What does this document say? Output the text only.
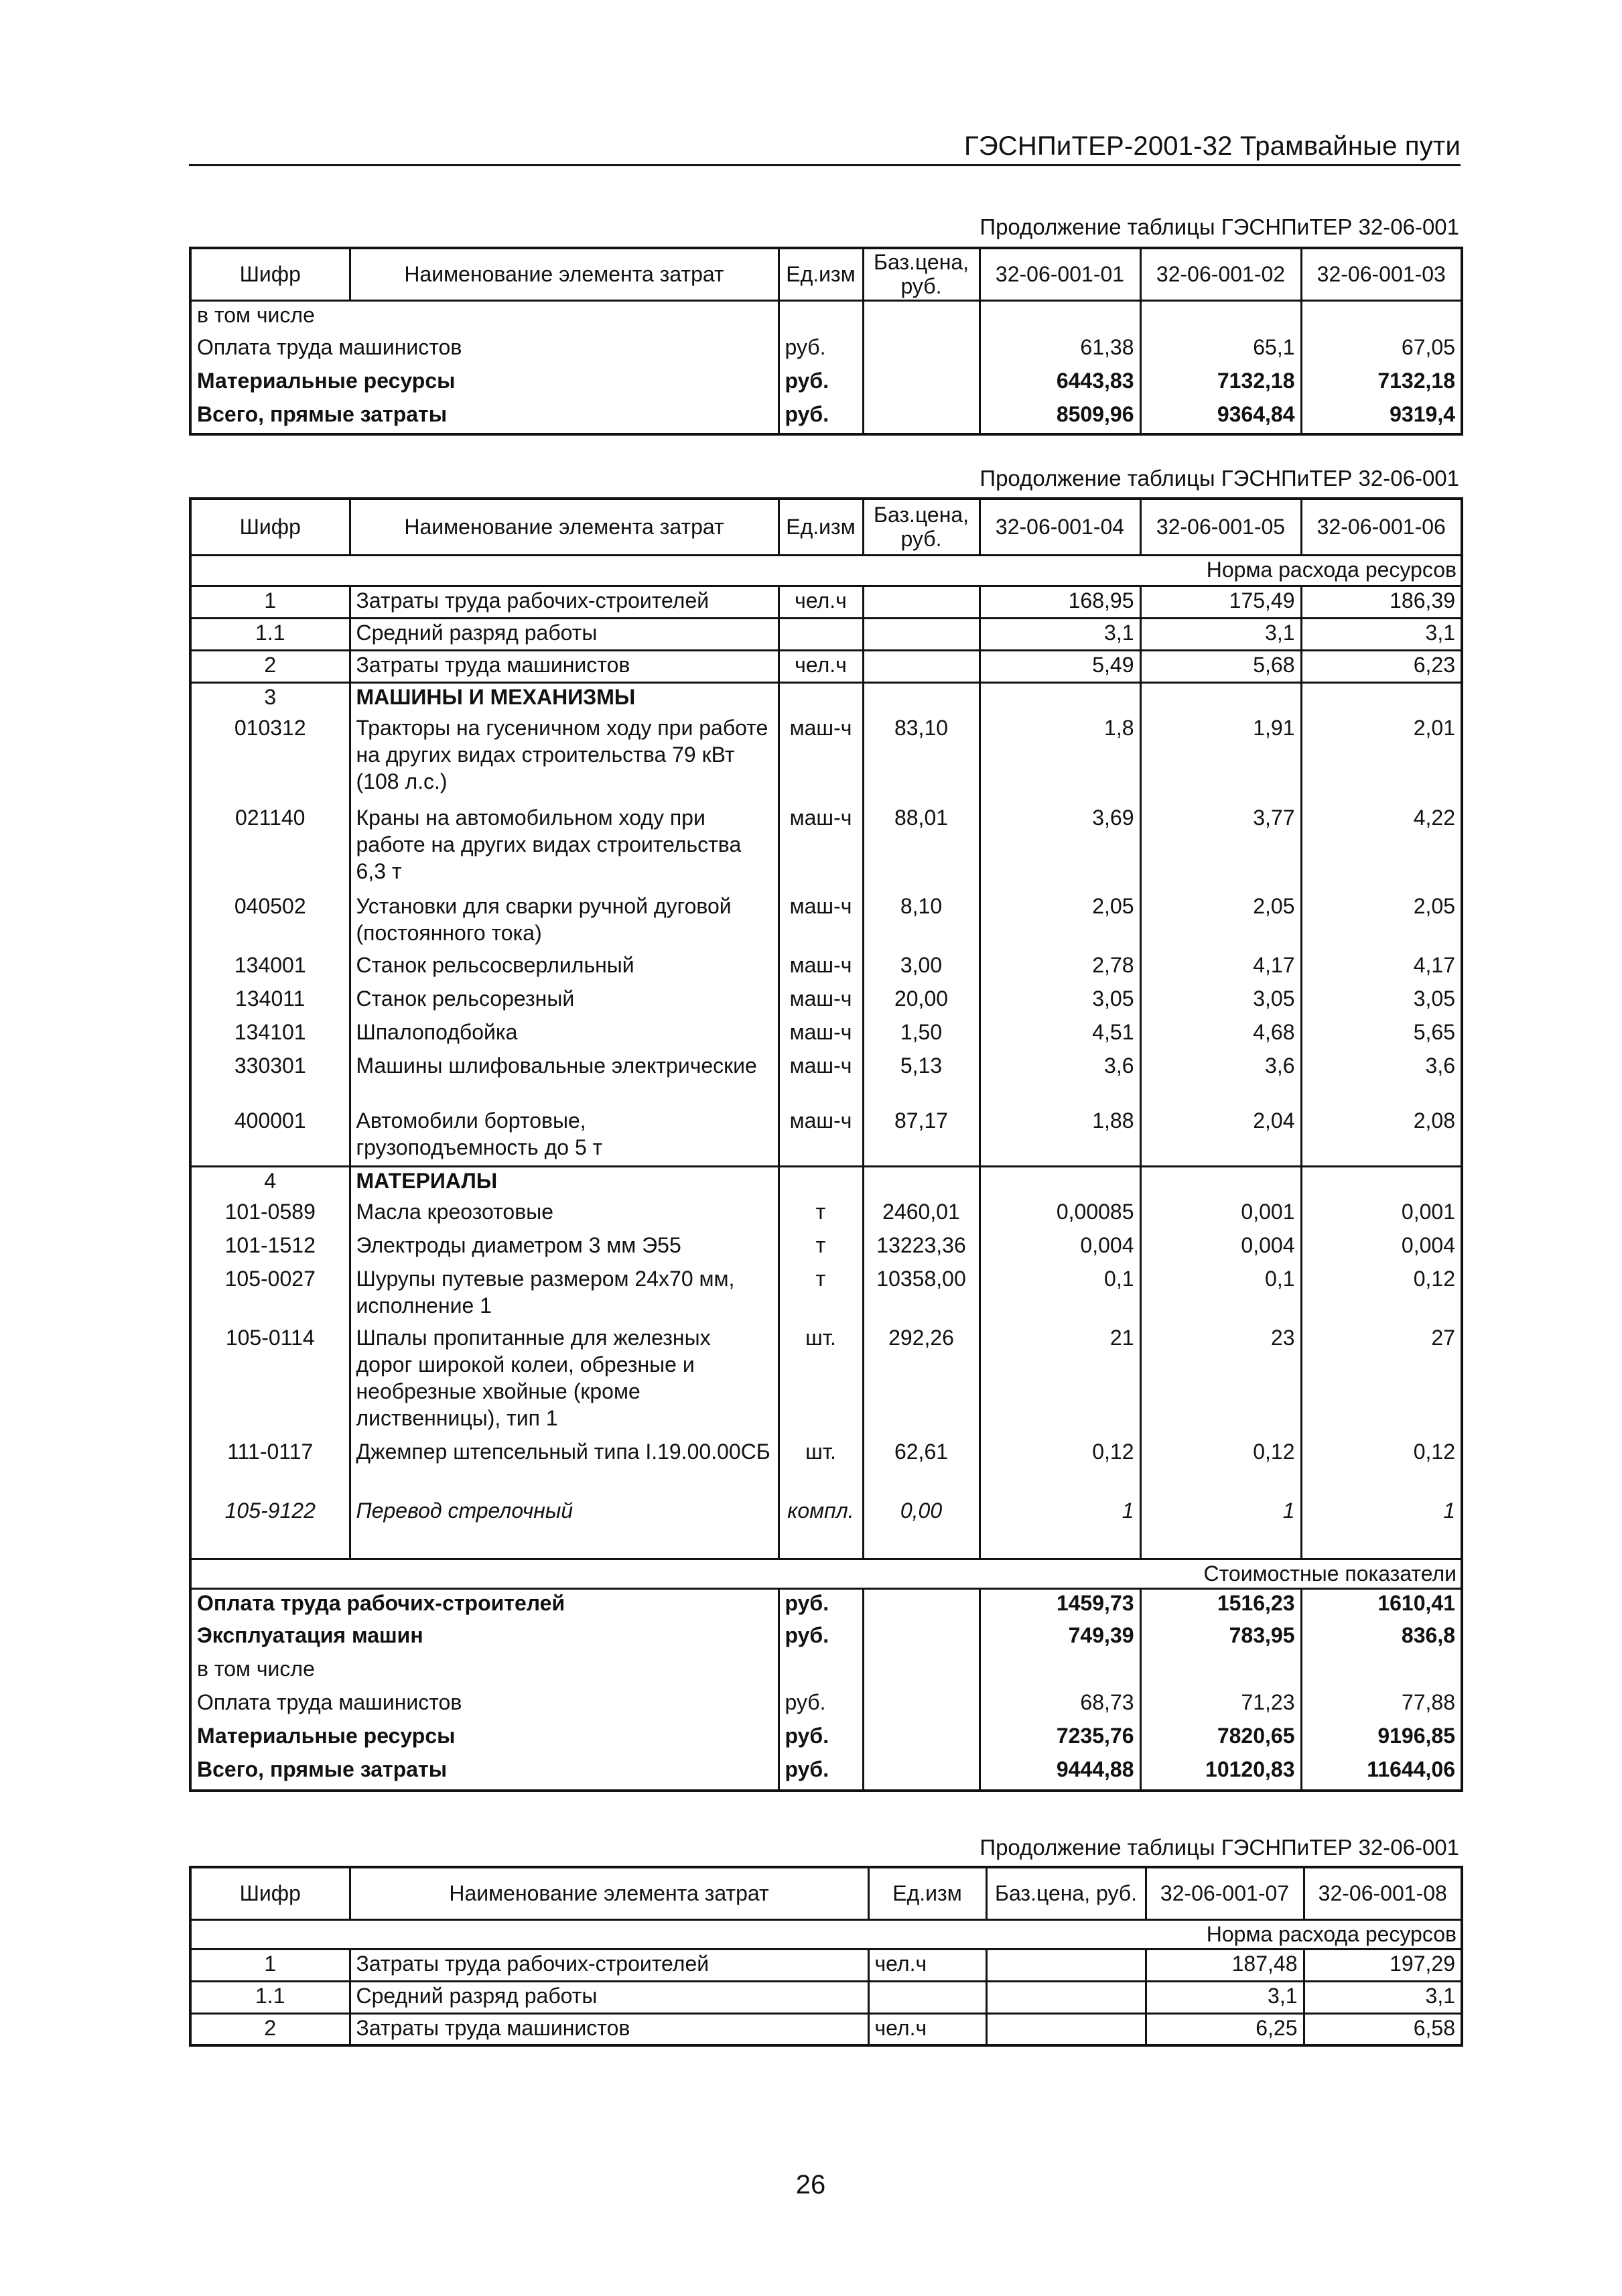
ГЭСНПиТЕР-2001-32 Трамвайные пути
Продолжение таблицы ГЭСНПиТЕР 32-06-001
Шифр	Наименование элемента затрат	Ед.изм	Баз.цена, руб.	32-06-001-01	32-06-001-02	32-06-001-03
в том числе						
Оплата труда машинистов		руб.		61,38	65,1	67,05
Материальные ресурсы		руб.		6443,83	7132,18	7132,18
Всего, прямые затраты		руб.		8509,96	9364,84	9319,4
Продолжение таблицы ГЭСНПиТЕР 32-06-001
Шифр	Наименование элемента затрат	Ед.изм	Баз.цена, руб.	32-06-001-04	32-06-001-05	32-06-001-06
Норма расхода ресурсов						
1	Затраты труда рабочих-строителей	чел.ч		168,95	175,49	186,39
1.1	Средний разряд работы			3,1	3,1	3,1
2	Затраты труда машинистов	чел.ч		5,49	5,68	6,23
3	МАШИНЫ И МЕХАНИЗМЫ					
010312	Тракторы на гусеничном ходу при работе на других видах строительства 79 кВт (108 л.с.)	маш-ч	83,10	1,8	1,91	2,01
021140	Краны на автомобильном ходу при работе на других видах строительства 6,3 т	маш-ч	88,01	3,69	3,77	4,22
040502	Установки для сварки ручной дуговой (постоянного тока)	маш-ч	8,10	2,05	2,05	2,05
134001	Станок рельсосверлильный	маш-ч	3,00	2,78	4,17	4,17
134011	Станок рельсорезный	маш-ч	20,00	3,05	3,05	3,05
134101	Шпалоподбойка	маш-ч	1,50	4,51	4,68	5,65
330301	Машины шлифовальные электрические	маш-ч	5,13	3,6	3,6	3,6
400001	Автомобили бортовые, грузоподъемность до 5 т	маш-ч	87,17	1,88	2,04	2,08
4	МАТЕРИАЛЫ					
101-0589	Масла креозотовые	т	2460,01	0,00085	0,001	0,001
101-1512	Электроды диаметром 3 мм Э55	т	13223,36	0,004	0,004	0,004
105-0027	Шурупы путевые размером 24х70 мм, исполнение 1	т	10358,00	0,1	0,1	0,12
105-0114	Шпалы пропитанные для железных дорог широкой колеи, обрезные и необрезные хвойные (кроме лиственницы), тип 1	шт.	292,26	21	23	27
111-0117	Джемпер штепсельный типа I.19.00.00СБ	шт.	62,61	0,12	0,12	0,12
105-9122	Перевод стрелочный	компл.	0,00	1	1	1
Стоимостные показатели						
Оплата труда рабочих-строителей		руб.		1459,73	1516,23	1610,41
Эксплуатация машин		руб.		749,39	783,95	836,8
в том числе						
Оплата труда машинистов		руб.		68,73	71,23	77,88
Материальные ресурсы		руб.		7235,76	7820,65	9196,85
Всего, прямые затраты		руб.		9444,88	10120,83	11644,06
Продолжение таблицы ГЭСНПиТЕР 32-06-001
Шифр	Наименование элемента затрат	Ед.изм	Баз.цена, руб.	32-06-001-07	32-06-001-08
Норма расхода ресурсов					
1	Затраты труда рабочих-строителей	чел.ч		187,48	197,29
1.1	Средний разряд работы			3,1	3,1
2	Затраты труда машинистов	чел.ч		6,25	6,58
26
